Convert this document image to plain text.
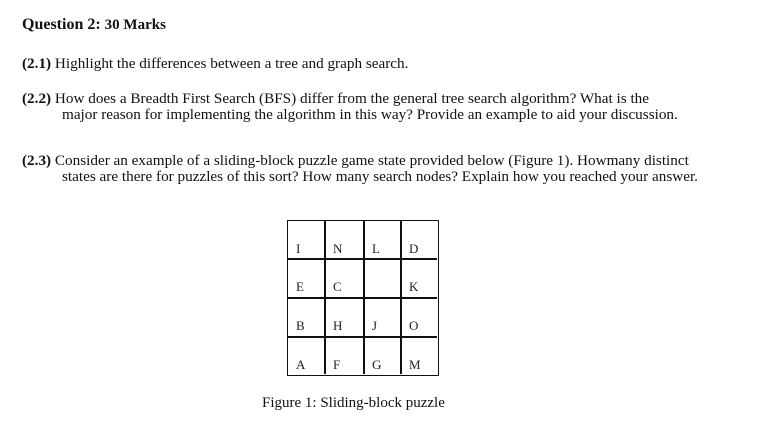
Question 2: 30 Marks
(2.1) Highlight the differences between a tree and graph search.
(2.2) How does a Breadth First Search (BFS) differ from the general tree search algorithm? What is the
major reason for implementing the algorithm in this way? Provide an example to aid your discussion.
(2.3) Consider an example of a sliding-block puzzle game state provided below (Figure 1). Howmany distinct
states are there for puzzles of this sort? How many search nodes? Explain how you reached your answer.
I	N L D
E C	K
B H J O
A F G M
Figure 1: Sliding-block puzzle
